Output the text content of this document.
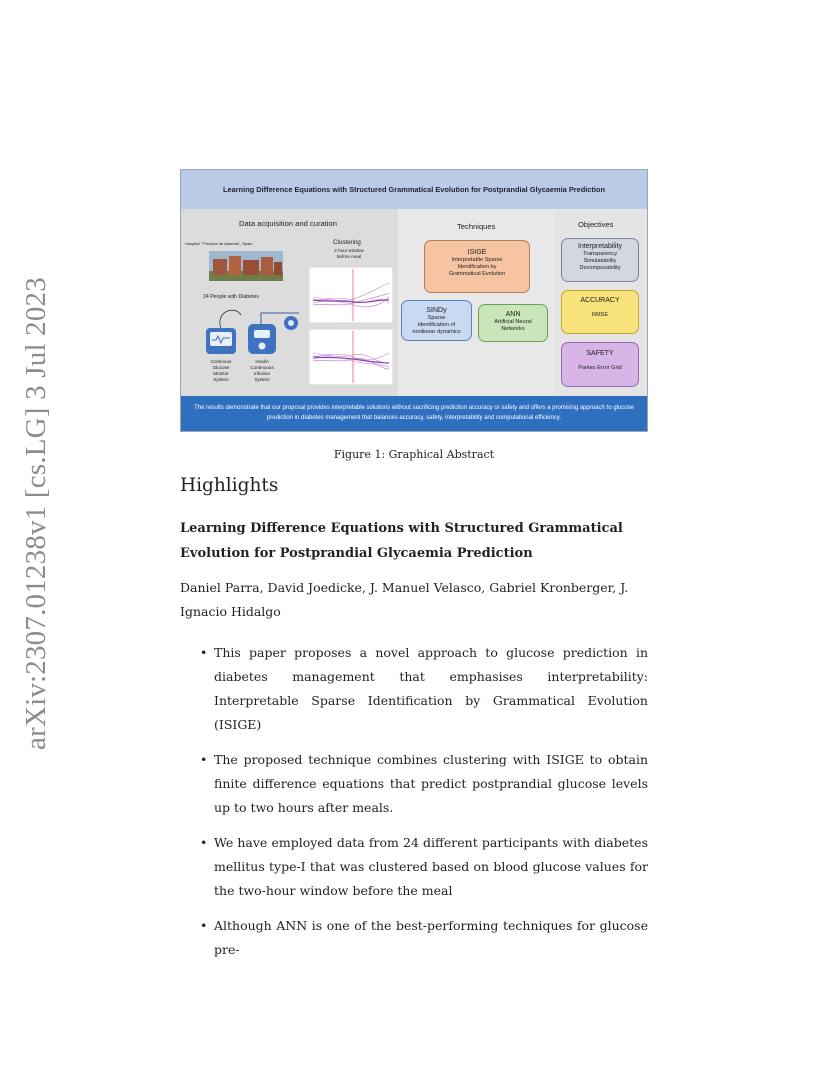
arXiv:2307.01238v1 [cs.LG] 3 Jul 2023
Learning Difference Equations with Structured Grammatical Evolution for Postprandial Glycaemia Prediction
Data acquisition and curation
Hospital, "Príncipe de Asturias", Spain
24 People with Diabetes
Clustering
2 hour window
before meal
Continous
Glucose
Monitor
System
Insulin
Continuous
Infusion
System
Techniques
ISIGE
Interpretable Sparse
Identification by
Grammatical Evolution
SINDy
Sparse
identification of
nonlinear dynamics
ANN
Artificial Neural
Networks
Objectives
Interpretability
Transparency
Simulatability
Decomposability
ACCURACY
RMSE
SAFETY
Parkes Error Grid
The results demonstrate that our proposal provides interpretable solutions without sacrificing prediction accuracy or safety and offers a promising approach to glucose prediction in diabetes management that balances accuracy, safety, interpretability and computational efficiency.
Figure 1: Graphical Abstract
Highlights

Learning Difference Equations with Structured Grammatical Evolution for Postprandial Glycaemia Prediction

Daniel Parra, David Joedicke, J. Manuel Velasco, Gabriel Kronberger, J. Ignacio Hidalgo

• This paper proposes a novel approach to glucose prediction in diabetes management that emphasises interpretability: Interpretable Sparse Identification by Grammatical Evolution (ISIGE)
• The proposed technique combines clustering with ISIGE to obtain finite difference equations that predict postprandial glucose levels up to two hours after meals.
• We have employed data from 24 different participants with diabetes mellitus type-I that was clustered based on blood glucose values for the two-hour window before the meal
• Although ANN is one of the best-performing techniques for glucose pre-
